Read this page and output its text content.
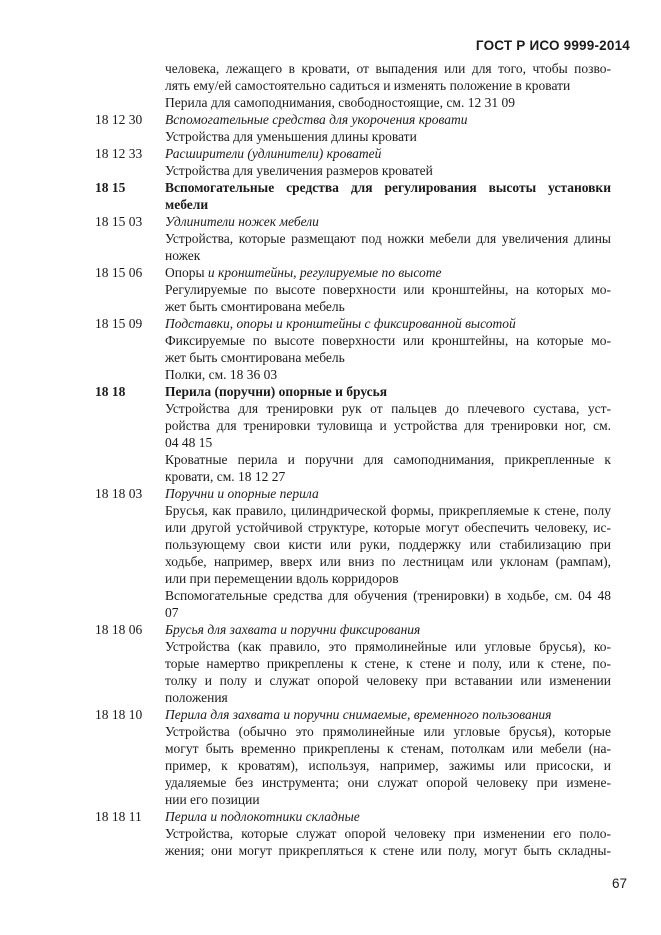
ГОСТ Р ИСО 9999-2014
человека, лежащего в кровати, от выпадения или для того, чтобы позво-
лять ему/ей самостоятельно садиться и изменять положение в кровати
Перила для самоподнимания, свободностоящие, см. 12 31 09
18 12 30	Вспомогательные средства для укорочения кровати
Устройства для уменьшения длины кровати
18 12 33	Расширители (удлинители) кроватей
Устройства для увеличения размеров кроватей
18 15	Вспомогательные средства для регулирования высоты установки
мебели
18 15 03	Удлинители ножек мебели
Устройства, которые размещают под ножки мебели для увеличения длины
ножек
18 15 06	Опоры и кронштейны, регулируемые по высоте
Регулируемые по высоте поверхности или кронштейны, на которых мо-
жет быть смонтирована мебель
18 15 09	Подставки, опоры и кронштейны с фиксированной высотой
Фиксируемые по высоте поверхности или кронштейны, на которые мо-
жет быть смонтирована мебель
Полки, см. 18 36 03
18 18	Перила (поручни) опорные и брусья
Устройства для тренировки рук от пальцев до плечевого сустава, уст-
ройства для тренировки туловища и устройства для тренировки ног, см.
04 48 15
Кроватные перила и поручни для самоподнимания, прикрепленные к
кровати, см. 18 12 27
18 18 03	Поручни и опорные перила
Брусья, как правило, цилиндрической формы, прикрепляемые к стене, полу
или другой устойчивой структуре, которые могут обеспечить человеку, ис-
пользующему свои кисти или руки, поддержку или стабилизацию при
ходьбе, например, вверх или вниз по лестницам или уклонам (рампам),
или при перемещении вдоль корридоров
Вспомогательные средства для обучения (тренировки) в ходьбе, см. 04 48
07
18 18 06	Брусья для захвата и поручни фиксирования
Устройства (как правило, это прямолинейные или угловые брусья), ко-
торые намертво прикреплены к стене, к стене и полу, или к стене, по-
толку и полу и служат опорой человеку при вставании или изменении
положения
18 18 10	Перила для захвата и поручни снимаемые, временного пользования
Устройства (обычно это прямолинейные или угловые брусья), которые
могут быть временно прикреплены к стенам, потолкам или мебели (на-
пример, к кроватям), используя, например, зажимы или присоски, и
удаляемые без инструмента; они служат опорой человеку при измене-
нии его позиции
18 18 11	Перила и подлокотники складные
Устройства, которые служат опорой человеку при изменении его поло-
жения; они могут прикрепляться к стене или полу, могут быть складны-
67
